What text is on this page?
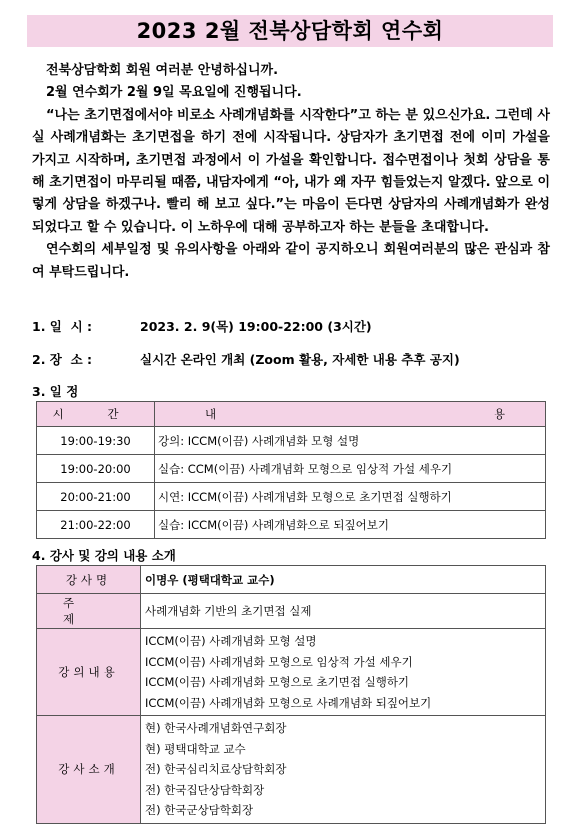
2023 2월 전북상담학회 연수회

전북상담학회 회원 여러분 안녕하십니까.

2월 연수회가 2월 9일 목요일에 진행됩니다.

“나는 초기면접에서야 비로소 사례개념화를 시작한다”고 하는 분 있으신가요. 그런데 사실 사례개념화는 초기면접을 하기 전에 시작됩니다. 상담자가 초기면접 전에 이미 가설을 가지고 시작하며, 초기면접 과정에서 이 가설을 확인합니다. 접수면접이나 첫회 상담을 통해 초기면접이 마무리될 때쯤, 내담자에게 “아, 내가 왜 자꾸 힘들었는지 알겠다. 앞으로 이렇게 상담을 하겠구나. 빨리 해 보고 싶다.”는 마음이 든다면 상담자의 사례개념화가 완성되었다고 할 수 있습니다. 이 노하우에 대해 공부하고자 하는 분들을 초대합니다.

연수회의 세부일정 및 유의사항을 아래와 같이 공지하오니 회원여러분의 많은 관심과 참여 부탁드립니다.

1. 일  시 :	2023. 2. 9(목) 19:00-22:00 (3시간)
2. 장  소 :	실시간 온라인 개최 (Zoom 활용, 자세한 내용 추후 공지)
3. 일 정
시 간	내 용
19:00-19:30	강의: ICCM(이끔) 사례개념화 모형 설명
19:00-20:00	실습: CCM(이끔) 사례개념화 모형으로 임상적 가설 세우기
20:00-21:00	시연: ICCM(이끔) 사례개념화 모형으로 초기면접 실행하기
21:00-22:00	실습: ICCM(이끔) 사례개념화으로 되짚어보기
4. 강사 및 강의 내용 소개
강사명	이명우 (평택대학교 교수)
주제	사례개념화 기반의 초기면접 실제
강의내용	ICCM(이끔) 사례개념화 모형 설명
ICCM(이끔) 사례개념화 모형으로 임상적 가설 세우기
ICCM(이끔) 사례개념화 모형으로 초기면접 실행하기
ICCM(이끔) 사례개념화 모형으로 사례개념화 되짚어보기

강사소개	현) 한국사례개념화연구회장
현) 평택대학교 교수
전) 한국심리치료상담학회장
전) 한국집단상담학회장
전) 한국군상담학회장
